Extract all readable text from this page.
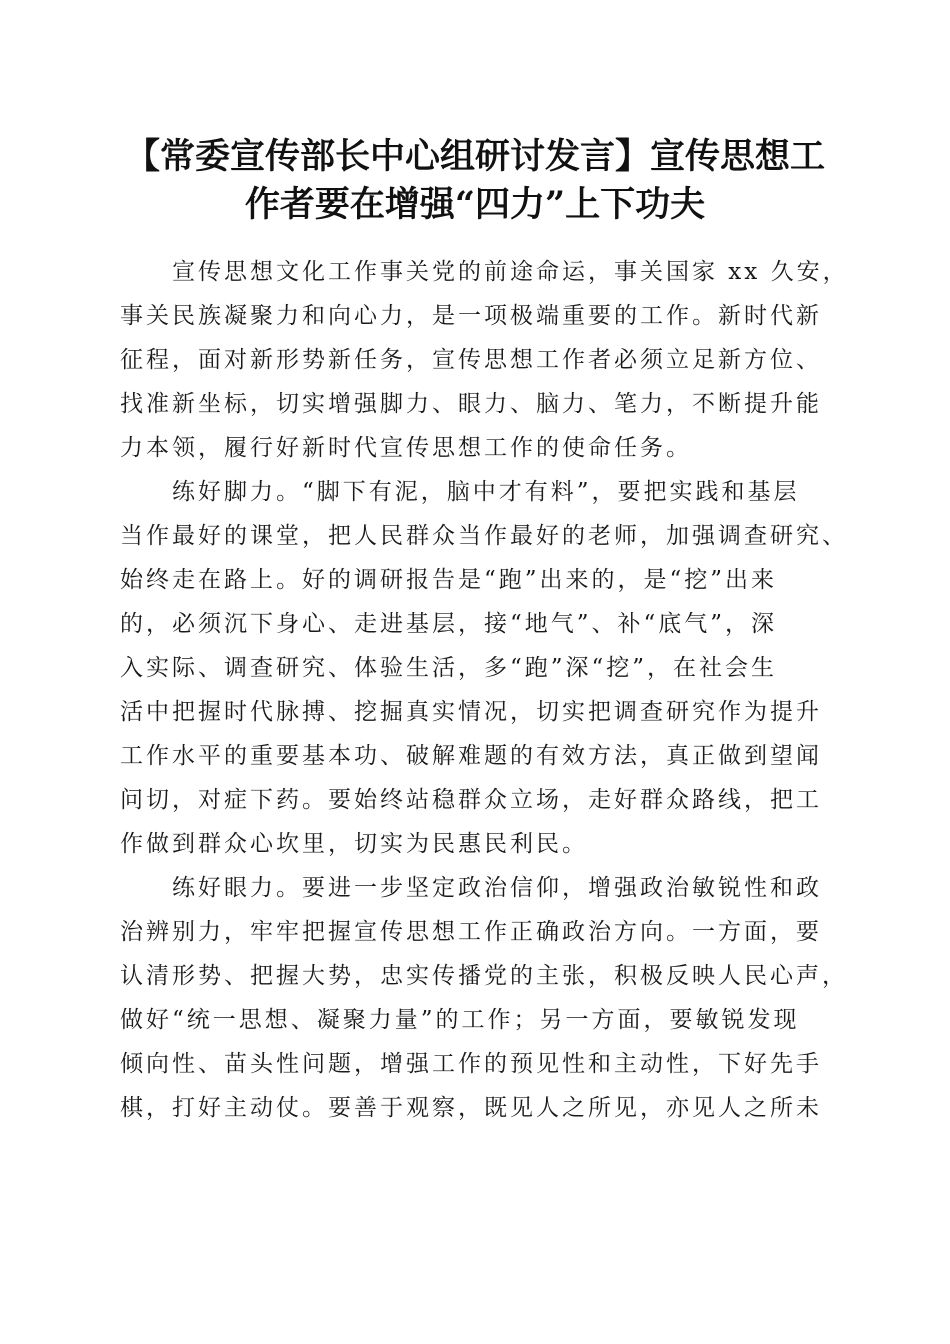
【常委宣传部长中心组研讨发言】宣传思想工
作者要在增强“四力”上下功夫

宣传思想文化工作事关党的前途命运，事关国家 xx 久安，
事关民族凝聚力和向心力，是一项极端重要的工作。新时代新
征程，面对新形势新任务，宣传思想工作者必须立足新方位、
找准新坐标，切实增强脚力、眼力、脑力、笔力，不断提升能
力本领，履行好新时代宣传思想工作的使命任务。

练好脚力。“脚下有泥，脑中才有料”，要把实践和基层
当作最好的课堂，把人民群众当作最好的老师，加强调查研究、
始终走在路上。好的调研报告是“跑”出来的，是“挖”出来
的，必须沉下身心、走进基层，接“地气”、补“底气”，深
入实际、调查研究、体验生活，多“跑”深“挖”，在社会生
活中把握时代脉搏、挖掘真实情况，切实把调查研究作为提升
工作水平的重要基本功、破解难题的有效方法，真正做到望闻
问切，对症下药。要始终站稳群众立场，走好群众路线，把工
作做到群众心坎里，切实为民惠民利民。

练好眼力。要进一步坚定政治信仰，增强政治敏锐性和政
治辨别力，牢牢把握宣传思想工作正确政治方向。一方面，要
认清形势、把握大势，忠实传播党的主张，积极反映人民心声，
做好“统一思想、凝聚力量”的工作；另一方面，要敏锐发现
倾向性、苗头性问题，增强工作的预见性和主动性，下好先手
棋，打好主动仗。要善于观察，既见人之所见，亦见人之所未
